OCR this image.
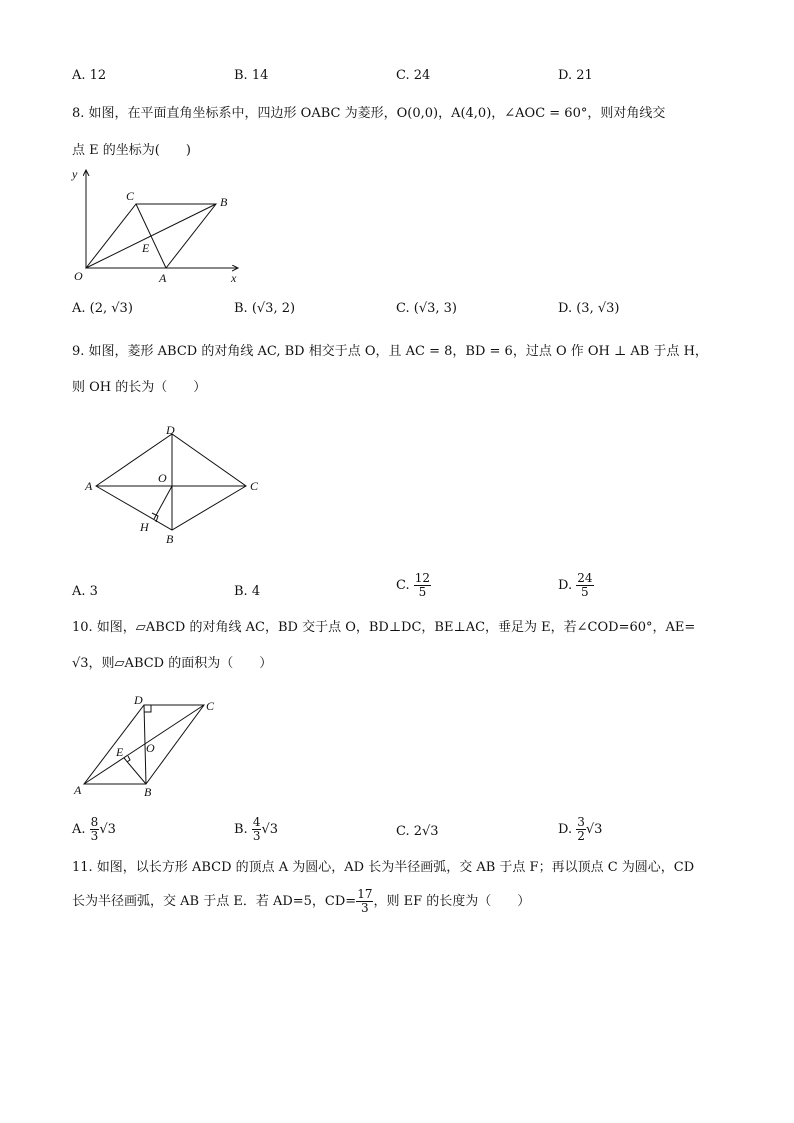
A. 12	B. 14	C. 24	D. 21
8. 如图，在平面直角坐标系中，四边形 OABC 为菱形，O(0,0)，A(4,0)，∠AOC = 60°，则对角线交
点 E 的坐标为(　　)
y
x
O	A
B
C
E
A. (2, √3)	B. (√3, 2)	C. (√3, 3)	D. (3, √3)
9. 如图，菱形 ABCD 的对角线 AC, BD 相交于点 O，且 AC = 8，BD = 6，过点 O 作 OH ⊥ AB 于点 H，
则 OH 的长为（　　）
A
D
C
B
O
H
A. 3	B. 4	C. $\frac{12}{5}$	D. $\frac{24}{5}$
10. 如图，▱ABCD 的对角线 AC，BD 交于点 O，BD⊥DC，BE⊥AC，垂足为 E，若∠COD=60°，AE=
√3，则▱ABCD 的面积为（　　）
A	B
C
D
O
E
A. $\frac{8}{3} √3$	B. $\frac{4}{3} √3$	C. 2√3	D. $\frac{3}{2} √3$
11. 如图，以长方形 ABCD 的顶点 A 为圆心，AD 长为半径画弧，交 AB 于点 F；再以顶点 C 为圆心，CD
长为半径画弧，交 AB 于点 E．若 AD=5，$CD= \frac{17}{3}$ ，则 EF 的长度为（　　）
